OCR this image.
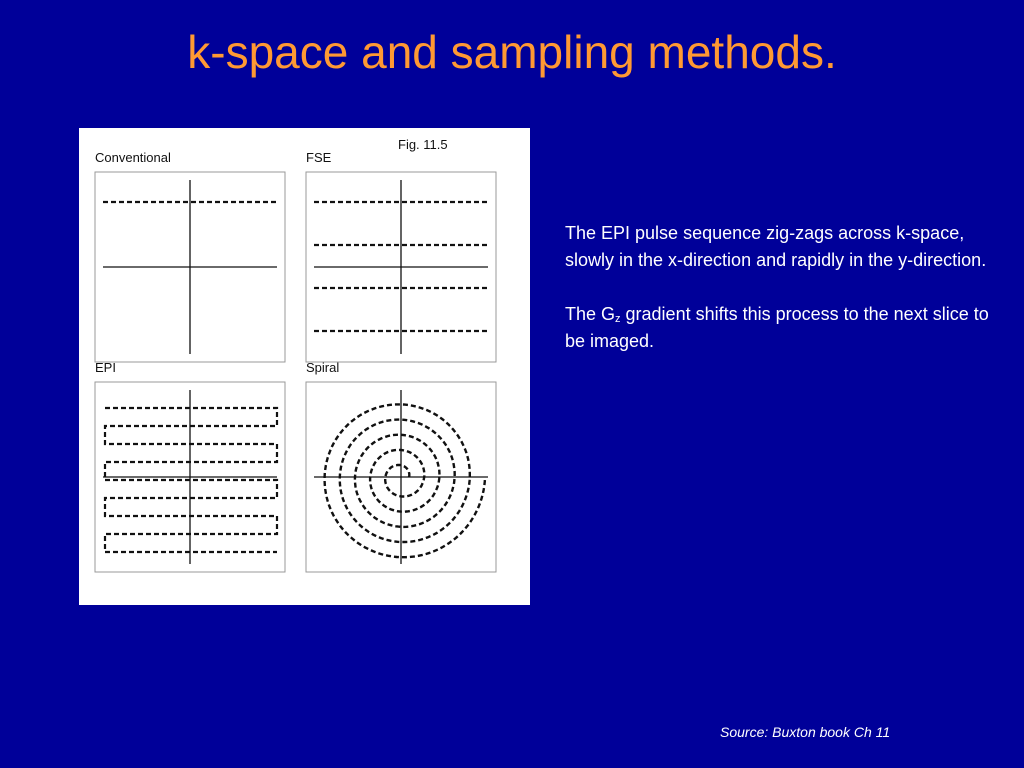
k-space and sampling methods.
Fig. 11.5
Conventional	FSE
EPI	Spiral

The EPI pulse sequence zig-zags across k-space, slowly in the x-direction and rapidly in the y-direction.

The $G_z$ gradient shifts this process to the next slice to be imaged.

Source: Buxton book Ch 11
